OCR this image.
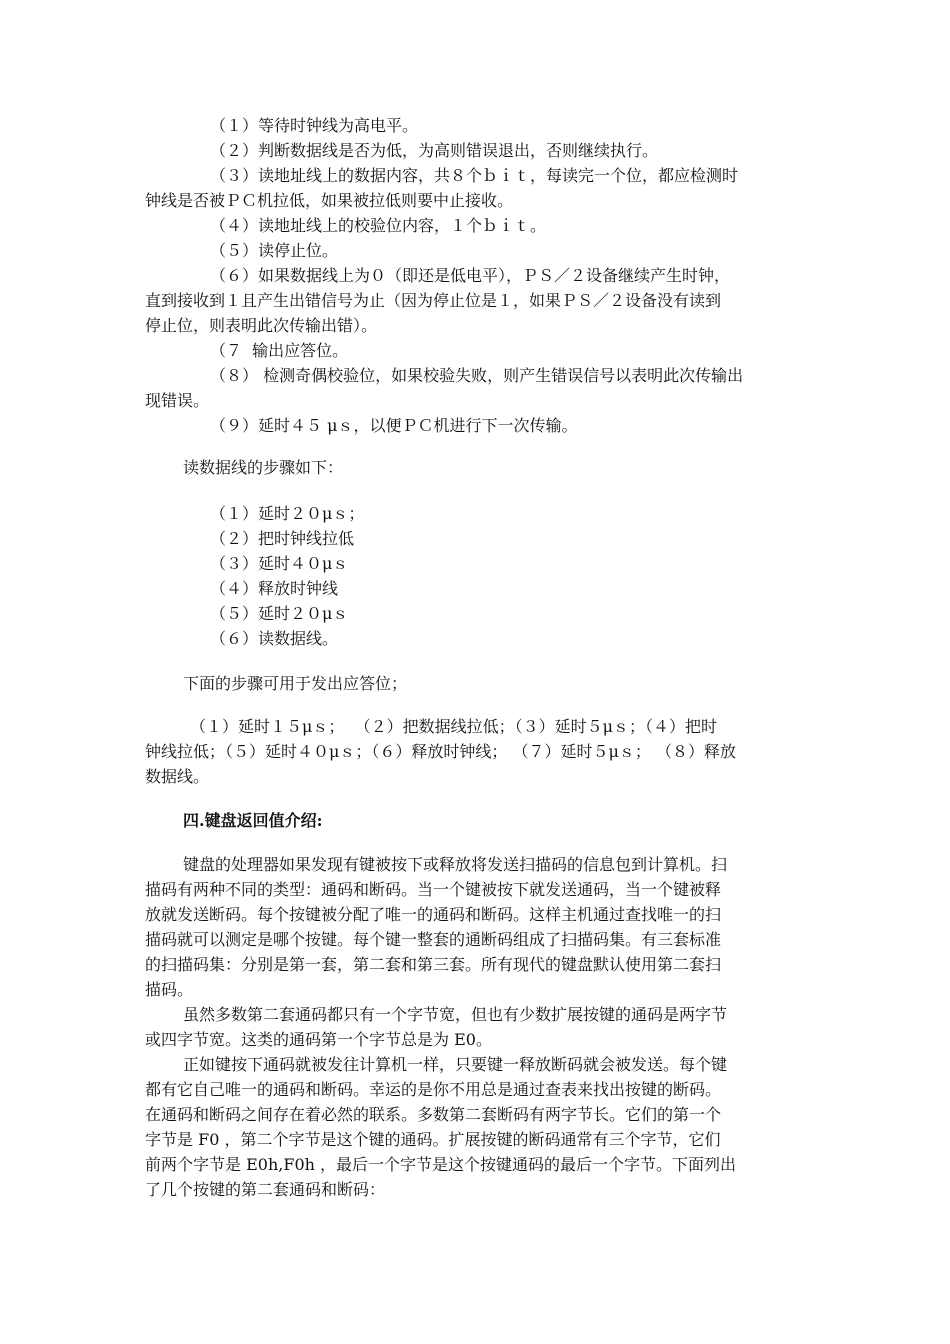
（１）等待时钟线为高电平。
（２）判断数据线是否为低，为高则错误退出，否则继续执行。
（３）读地址线上的数据内容，共８个ｂｉｔ，每读完一个位，都应检测时
钟线是否被ＰＣ机拉低，如果被拉低则要中止接收。
（４）读地址线上的校验位内容，１个ｂｉｔ。
（５）读停止位。
（６）如果数据线上为０（即还是低电平），ＰＳ／２设备继续产生时钟，
直到接收到１且产生出错信号为止（因为停止位是１，如果ＰＳ／２设备没有读到
停止位，则表明此次传输出错）。
（７  输出应答位。
（８） 检测奇偶校验位，如果校验失败，则产生错误信号以表明此次传输出
现错误。
（９）延时４５ μｓ，以便ＰＣ机进行下一次传输。
读数据线的步骤如下：
（１）延时２０μｓ；
（２）把时钟线拉低
（３）延时４０μｓ
（４）释放时钟线
（５）延时２０μｓ
（６）读数据线。
下面的步骤可用于发出应答位；
（１）延时１５μｓ；  （２）把数据线拉低；（３）延时５μｓ；（４）把时
钟线拉低；（５）延时４０μｓ；（６）释放时钟线； （７）延时５μｓ； （８）释放
数据线。
四.键盘返回值介绍:
键盘的处理器如果发现有键被按下或释放将发送扫描码的信息包到计算机。扫
描码有两种不同的类型：通码和断码。当一个键被按下就发送通码，当一个键被释
放就发送断码。每个按键被分配了唯一的通码和断码。这样主机通过查找唯一的扫
描码就可以测定是哪个按键。每个键一整套的通断码组成了扫描码集。有三套标准
的扫描码集：分别是第一套，第二套和第三套。所有现代的键盘默认使用第二套扫
描码。
虽然多数第二套通码都只有一个字节宽，但也有少数扩展按键的通码是两字节
或四字节宽。这类的通码第一个字节总是为 E0。
正如键按下通码就被发往计算机一样，只要键一释放断码就会被发送。每个键
都有它自己唯一的通码和断码。幸运的是你不用总是通过查表来找出按键的断码。
在通码和断码之间存在着必然的联系。多数第二套断码有两字节长。它们的第一个
字节是 F0 ，第二个字节是这个键的通码。扩展按键的断码通常有三个字节，它们
前两个字节是 E0h,F0h ，最后一个字节是这个按键通码的最后一个字节。下面列出
了几个按键的第二套通码和断码：
